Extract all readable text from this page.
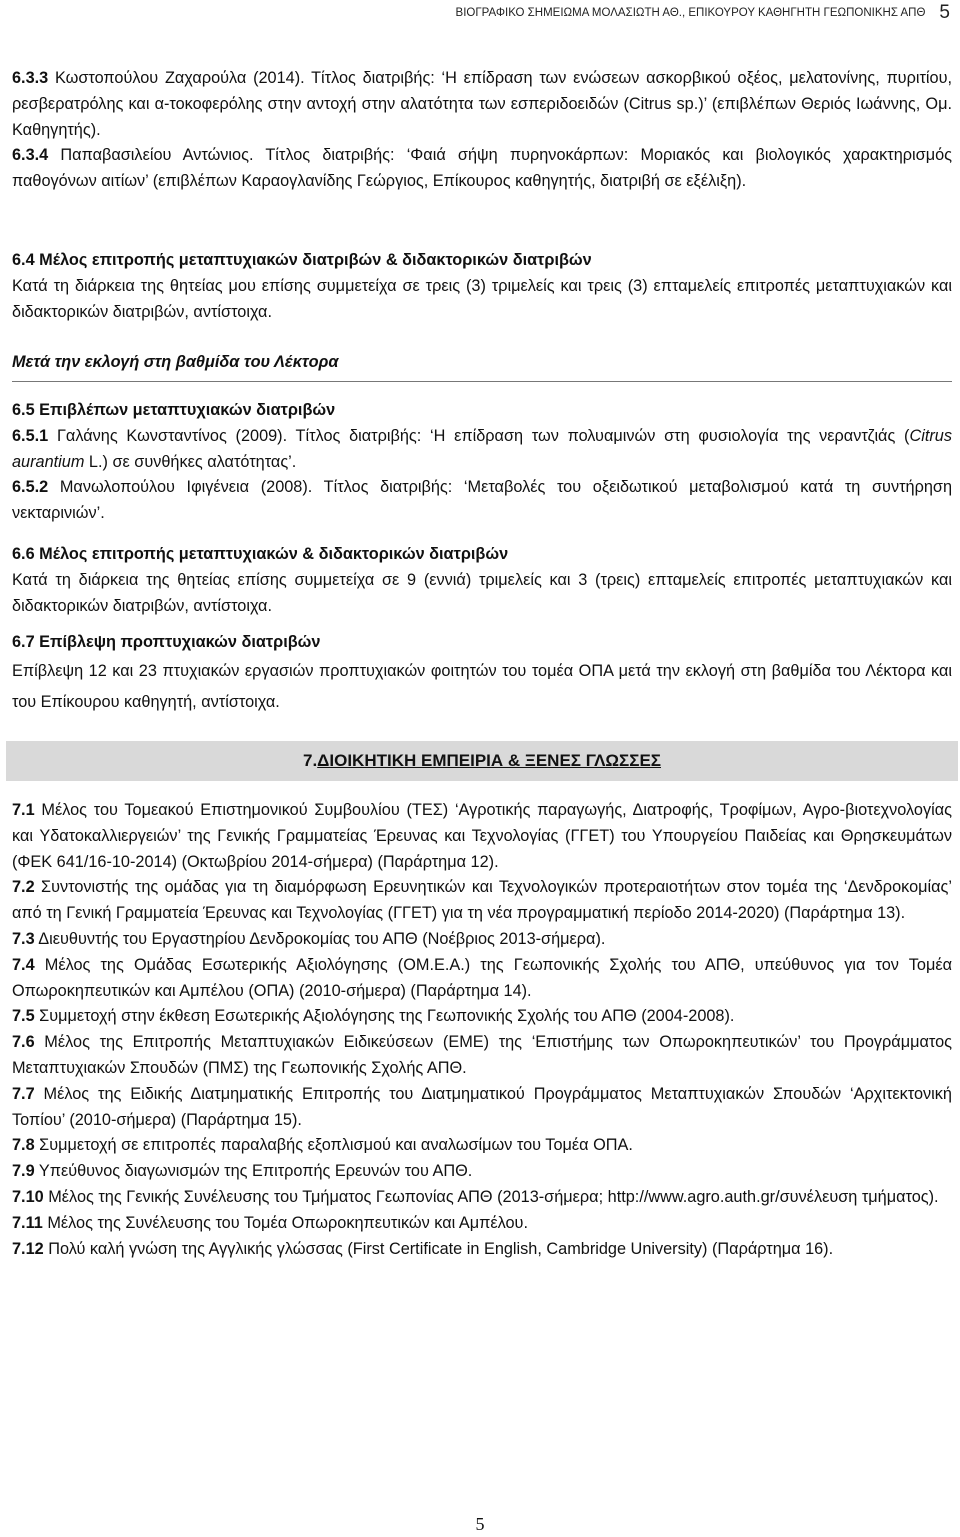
ΒΙΟΓΡΑΦΙΚΟ ΣΗΜΕΙΩΜΑ ΜΟΛΑΣΙΩΤΗ ΑΘ., ΕΠΙΚΟΥΡΟΥ ΚΑΘΗΓΗΤΗ ΓΕΩΠΟΝΙΚΗΣ ΑΠΘ 5

6.3.3 Κωστοπούλου Ζαχαρούλα (2014). Τίτλος διατριβής: ‘Η επίδραση των ενώσεων ασκορβικού οξέος, μελατονίνης, πυριτίου, ρεσβερατρόλης και α-τοκοφερόλης στην αντοχή στην αλατότητα των εσπεριδοειδών (Citrus sp.)’ (επιβλέπων Θεριός Ιωάννης, Ομ. Καθηγητής).

6.3.4 Παπαβασιλείου Αντώνιος. Τίτλος διατριβής: ‘Φαιά σήψη πυρηνοκάρπων: Μοριακός και βιολογικός χαρακτηρισμός παθογόνων αιτίων’ (επιβλέπων Καραογλανίδης Γεώργιος, Επίκουρος καθηγητής, διατριβή σε εξέλιξη).

6.4 Μέλος επιτροπής μεταπτυχιακών διατριβών & διδακτορικών διατριβών

Κατά τη διάρκεια της θητείας μου επίσης συμμετείχα σε τρεις (3) τριμελείς και τρεις (3) επταμελείς επιτροπές μεταπτυχιακών και διδακτορικών διατριβών, αντίστοιχα.

Μετά την εκλογή στη βαθμίδα του Λέκτορα

6.5 Επιβλέπων μεταπτυχιακών διατριβών

6.5.1 Γαλάνης Κωνσταντίνος (2009). Τίτλος διατριβής: ‘Η επίδραση των πολυαμινών στη φυσιολογία της νεραντζιάς (Citrus aurantium L.) σε συνθήκες αλατότητας’.

6.5.2 Μανωλοπούλου Ιφιγένεια (2008). Τίτλος διατριβής: ‘Μεταβολές του οξειδωτικού μεταβολισμού κατά τη συντήρηση νεκταρινιών’.

6.6 Μέλος επιτροπής μεταπτυχιακών & διδακτορικών διατριβών

Κατά τη διάρκεια της θητείας επίσης συμμετείχα σε 9 (εννιά) τριμελείς και 3 (τρεις) επταμελείς επιτροπές μεταπτυχιακών και διδακτορικών διατριβών, αντίστοιχα.

6.7 Επίβλεψη προπτυχιακών διατριβών

Επίβλεψη 12 και 23 πτυχιακών εργασιών προπτυχιακών φοιτητών του τομέα ΟΠΑ μετά την εκλογή στη βαθμίδα του Λέκτορα και του Επίκουρου καθηγητή, αντίστοιχα.

7.1 Μέλος του Τομεακού Επιστημονικού Συμβουλίου (ΤΕΣ) ‘Αγροτικής παραγωγής, Διατροφής, Τροφίμων, Αγρο-βιοτεχνολογίας και Υδατοκαλλιεργειών’ της Γενικής Γραμματείας Έρευνας και Τεχνολογίας (ΓΓΕΤ) του Υπουργείου Παιδείας και Θρησκευμάτων (ΦΕΚ 641/16-10-2014) (Οκτωβρίου 2014-σήμερα) (Παράρτημα 12).

7.2 Συντονιστής της ομάδας για τη διαμόρφωση Ερευνητικών και Τεχνολογικών προτεραιοτήτων στον τομέα της ‘Δενδροκομίας’ από τη Γενική Γραμματεία Έρευνας και Τεχνολογίας (ΓΓΕΤ) για τη νέα προγραμματική περίοδο 2014-2020) (Παράρτημα 13).

7.3 Διευθυντής του Εργαστηρίου Δενδροκομίας του ΑΠΘ (Νοέβριος 2013-σήμερα).

7.4 Μέλος της Ομάδας Εσωτερικής Αξιολόγησης (ΟΜ.Ε.Α.) της Γεωπονικής Σχολής του ΑΠΘ, υπεύθυνος για τον Τομέα Οπωροκηπευτικών και Αμπέλου (ΟΠΑ) (2010-σήμερα) (Παράρτημα 14).

7.5 Συμμετοχή στην έκθεση Εσωτερικής Αξιολόγησης της Γεωπονικής Σχολής του ΑΠΘ (2004-2008).

7.6 Μέλος της Επιτροπής Μεταπτυχιακών Ειδικεύσεων (ΕΜΕ) της ‘Επιστήμης των Οπωροκηπευτικών’ του Προγράμματος Μεταπτυχιακών Σπουδών (ΠΜΣ) της Γεωπονικής Σχολής ΑΠΘ.

7.7 Μέλος της Ειδικής Διατμηματικής Επιτροπής του Διατμηματικού Προγράμματος Μεταπτυχιακών Σπουδών ‘Αρχιτεκτονική Τοπίου’ (2010-σήμερα) (Παράρτημα 15).

7.8 Συμμετοχή σε επιτροπές παραλαβής εξοπλισμού και αναλωσίμων του Τομέα ΟΠΑ.

7.9 Υπεύθυνος διαγωνισμών της Επιτροπής Ερευνών του ΑΠΘ.

7.10 Μέλος της Γενικής Συνέλευσης του Τμήματος Γεωπονίας ΑΠΘ (2013-σήμερα; http://www.agro.auth.gr/συνέλευση τμήματος).

7.11 Μέλος της Συνέλευσης του Τομέα Οπωροκηπευτικών και Αμπέλου.

7.12 Πολύ καλή γνώση της Αγγλικής γλώσσας (First Certificate in English, Cambridge University) (Παράρτημα 16).

7. ΔΙΟΙΚΗΤΙΚΗ ΕΜΠΕΙΡΙΑ & ΞΕΝΕΣ ΓΛΩΣΣΕΣ
5
